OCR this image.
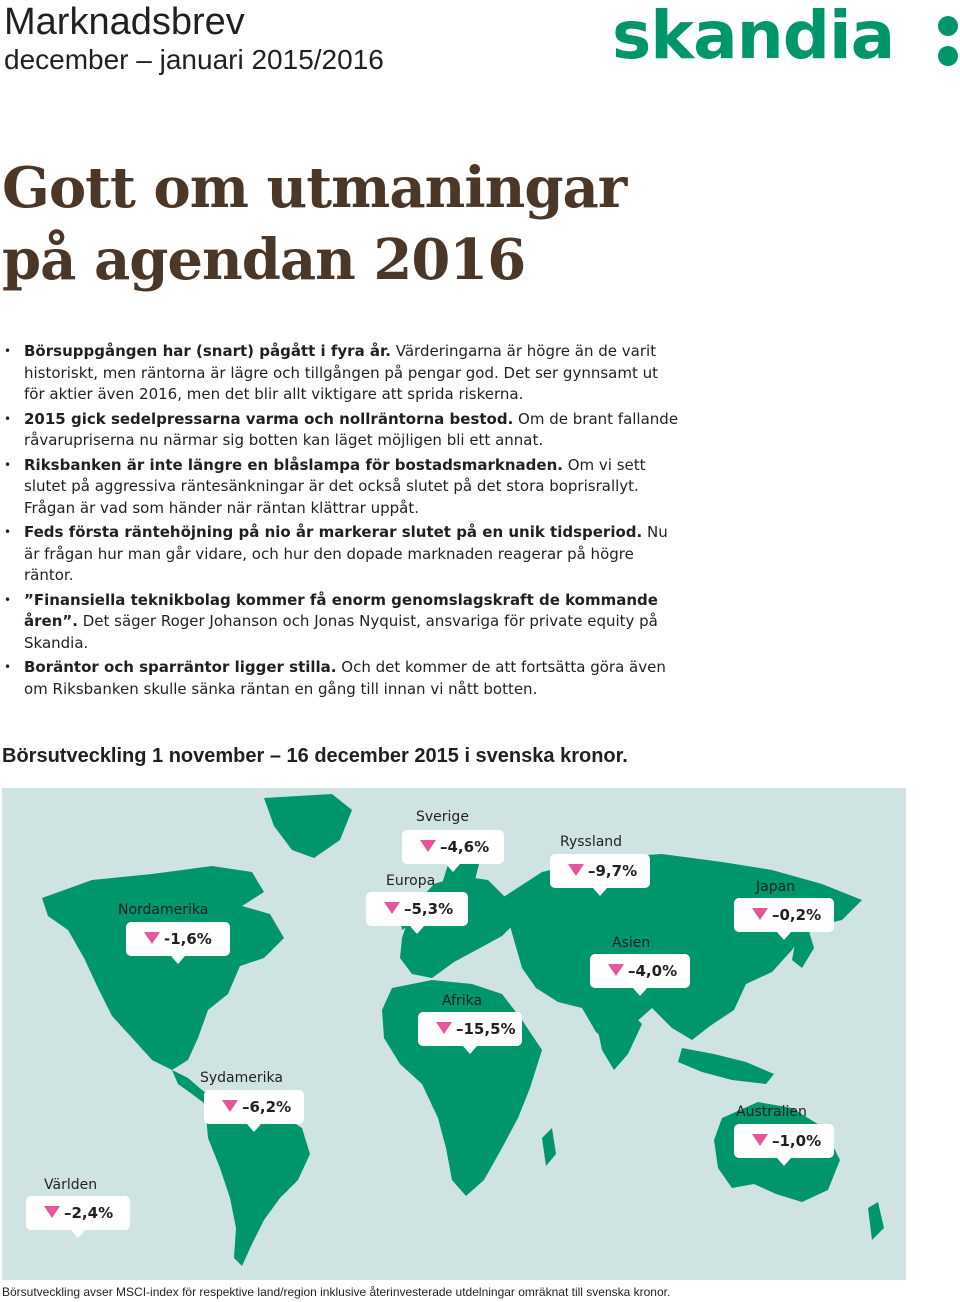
Marknadsbrev
december – januari 2015/2016	skandia
Gott om utmaningar
på agendan 2016
• Börsuppgången har (snart) pågått i fyra år. Värderingarna är högre än de varit historiskt, men räntorna är lägre och tillgången på pengar god. Det ser gynnsamt ut för aktier även 2016, men det blir allt viktigare att sprida riskerna.
• 2015 gick sedelpressarna varma och nollräntorna bestod. Om de brant fallande råvarupriserna nu närmar sig botten kan läget möjligen bli ett annat.
• Riksbanken är inte längre en blåslampa för bostadsmarknaden. Om vi sett slutet på aggressiva räntesänkningar är det också slutet på det stora boprisrallyt. Frågan är vad som händer när räntan klättrar uppåt.
• Feds första räntehöjning på nio år markerar slutet på en unik tidsperiod. Nu är frågan hur man går vidare, och hur den dopade marknaden reagerar på högre räntor.
• ”Finansiella teknikbolag kommer få enorm genomslagskraft de kommande åren”. Det säger Roger Johanson och Jonas Nyquist, ansvariga för private equity på Skandia.
• Boräntor och sparräntor ligger stilla. Och det kommer de att fortsätta göra även om Riksbanken skulle sänka räntan en gång till innan vi nått botten.
Börsutveckling 1 november – 16 december 2015 i svenska kronor.
Sverige
–4,6%	Ryssland
–9,7%
Europa
–5,3%
Japan
–0,2%
Nordamerika
-1,6%	Asien
–4,0%
Afrika
–15,5%
Sydamerika
–6,2%	Australien
–1,0%
Världen
–2,4%
Börsutveckling avser MSCI-index för respektive land/region inklusive återinvesterade utdelningar omräknat till svenska kronor.
